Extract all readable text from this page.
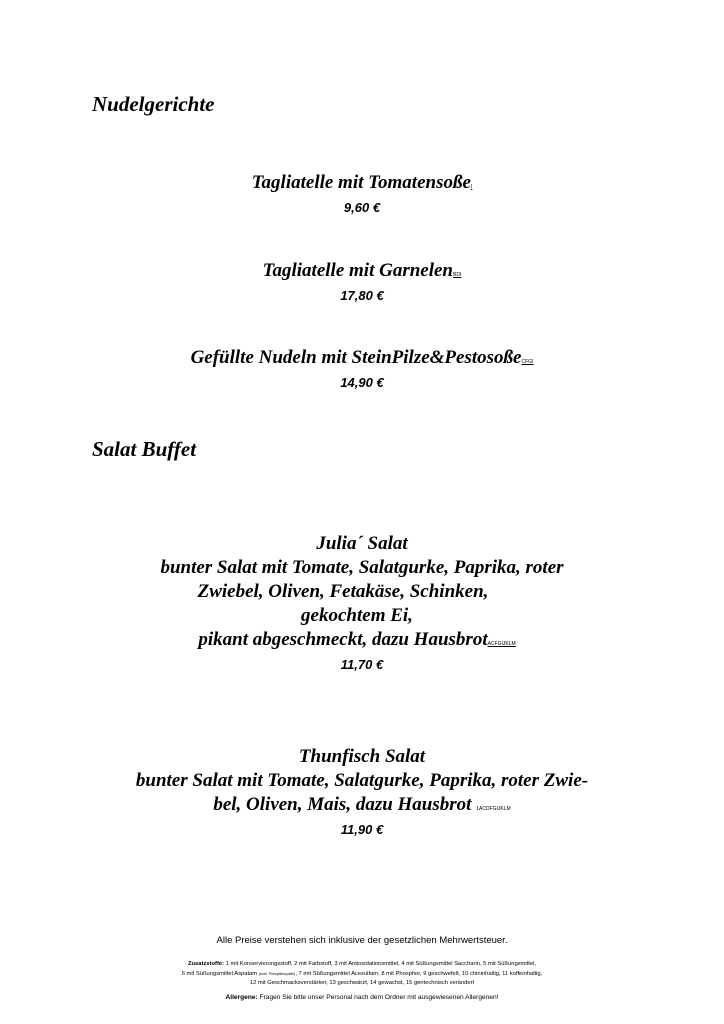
Nudelgerichte
Tagliatelle mit TomatensoßeI
9,60 €
Tagliatelle mit GarnelenBDI
17,80 €
Gefüllte Nudeln mit SteinPilze&PestosoßeCFGI
14,90 €
Salat Buffet
Julia´ Salat
bunter Salat mit Tomate, Salatgurke, Paprika, roter
Zwiebel, Oliven, Fetakäse, Schinken,
gekochtem Ei,
pikant abgeschmeckt, dazu HausbrotACFGIJKLM
11,70 €
Thunfisch Salat
bunter Salat mit Tomate, Salatgurke, Paprika, roter Zwie-
bel, Oliven, Mais, dazu Hausbrot 1ACDFGIJKLM
11,90 €
Alle Preise verstehen sich inklusive der gesetzlichen Mehrwertsteuer.
Zusatzstoffe: 1 mit Konservierungsstoff, 2 mit Farbstoff, 3 mit Antioxidationsmittel, 4 mit Süßungsmittel Saccharin, 5 mit Süßungsmittel,
6 mit Süßungsmittel Aspatam (enth. Phenylalinquelle), 7 mit Süßungsmittel Acesulfam, 8 mit Phosphor, 9 geschwefelt, 10 chininhaltig, 11 koffeinhaltig,
12 mit Geschmacksverstärker, 13 geschwärzt, 14 gewachst, 15 gentechnisch verändert
Allergene: Fragen Sie bitte unser Personal nach dem Ordner mit ausgewiesenen Allergenen!
